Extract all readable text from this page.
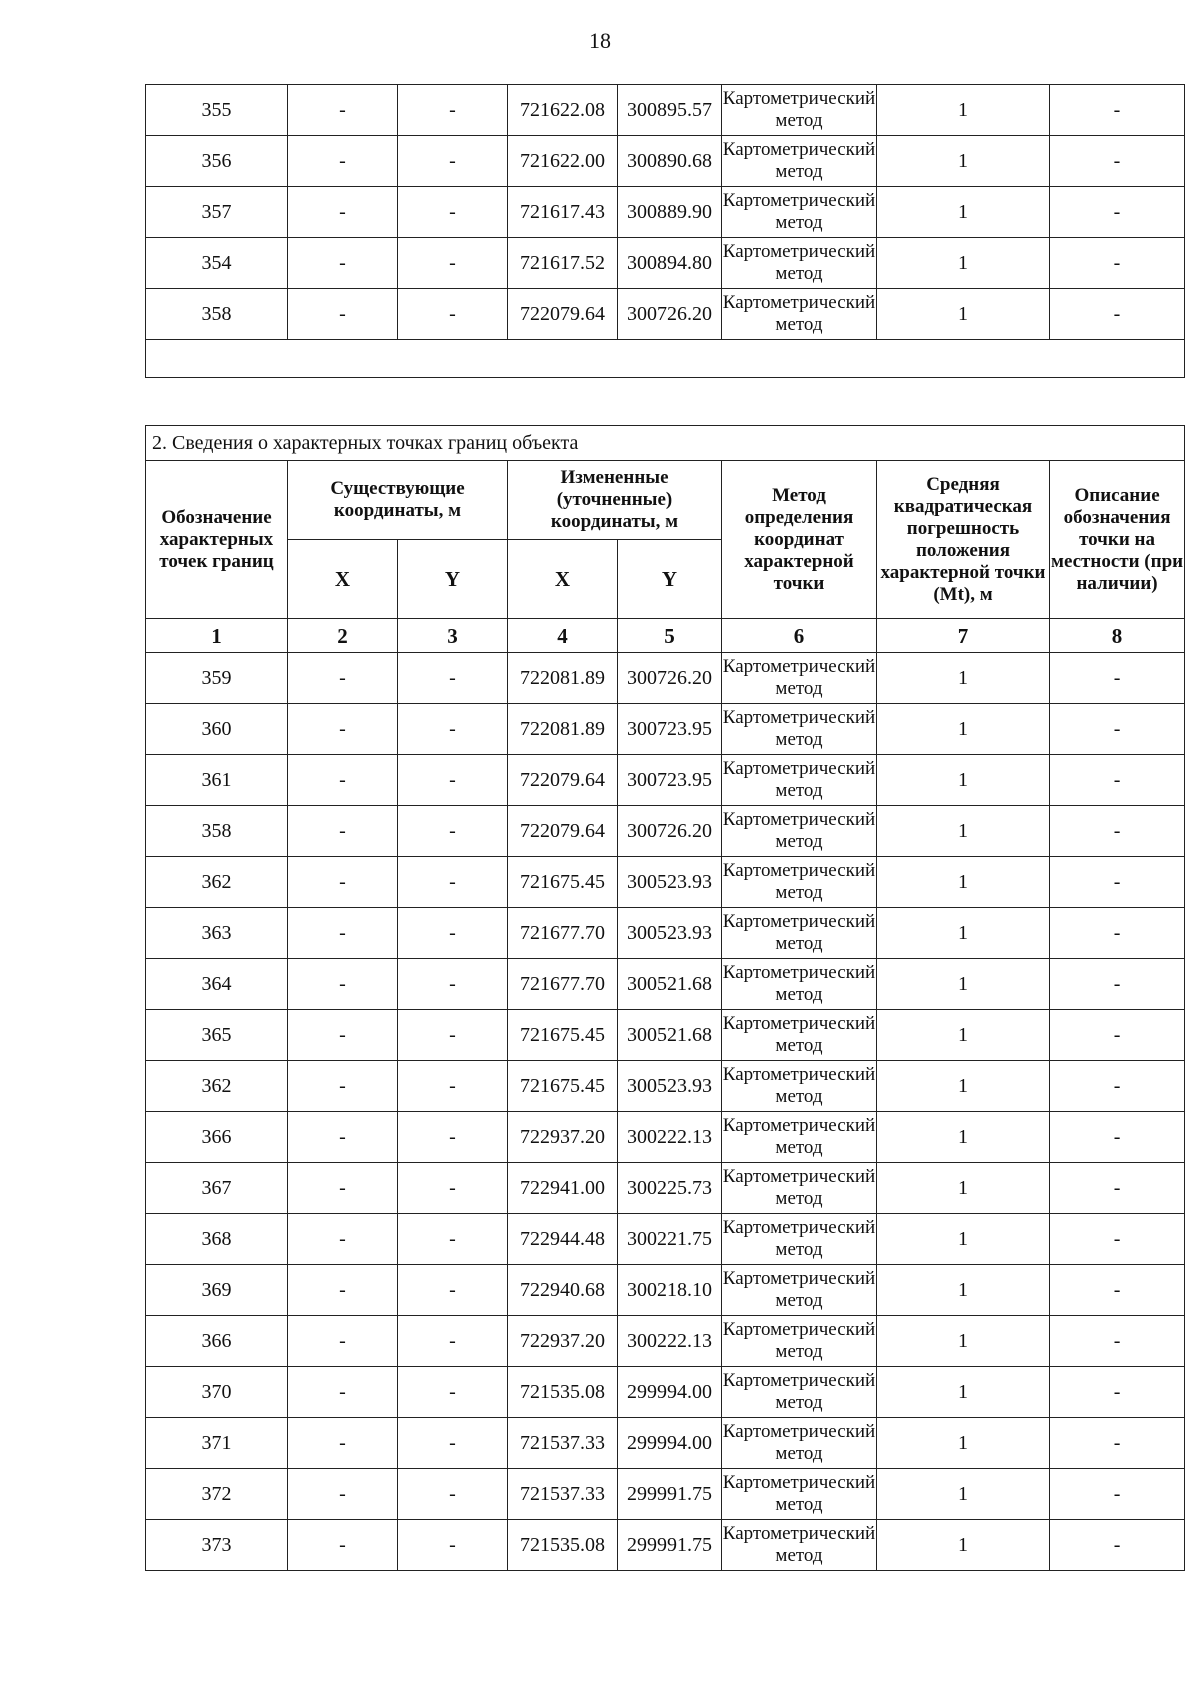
18
355	-	-	721622.08	300895.57	Картометрический метод	1	-
356	-	-	721622.00	300890.68	Картометрический метод	1	-
357	-	-	721617.43	300889.90	Картометрический метод	1	-
354	-	-	721617.52	300894.80	Картометрический метод	1	-
358	-	-	722079.64	300726.20	Картометрический метод	1	-

2. Сведения о характерных точках границ объекта							
Обозначение характерных точек границ	Существующие координаты, м		Измененные (уточненные) координаты, м		Метод определения координат характерной точки	Средняя квадратическая погрешность положения характерной точки (Mt), м	Описание обозначения точки на местности (при наличии)
	X	Y	X	Y			
1	2	3	4	5	6	7	8
359	-	-	722081.89	300726.20	Картометрический метод	1	-
360	-	-	722081.89	300723.95	Картометрический метод	1	-
361	-	-	722079.64	300723.95	Картометрический метод	1	-
358	-	-	722079.64	300726.20	Картометрический метод	1	-
362	-	-	721675.45	300523.93	Картометрический метод	1	-
363	-	-	721677.70	300523.93	Картометрический метод	1	-
364	-	-	721677.70	300521.68	Картометрический метод	1	-
365	-	-	721675.45	300521.68	Картометрический метод	1	-
362	-	-	721675.45	300523.93	Картометрический метод	1	-
366	-	-	722937.20	300222.13	Картометрический метод	1	-
367	-	-	722941.00	300225.73	Картометрический метод	1	-
368	-	-	722944.48	300221.75	Картометрический метод	1	-
369	-	-	722940.68	300218.10	Картометрический метод	1	-
366	-	-	722937.20	300222.13	Картометрический метод	1	-
370	-	-	721535.08	299994.00	Картометрический метод	1	-
371	-	-	721537.33	299994.00	Картометрический метод	1	-
372	-	-	721537.33	299991.75	Картометрический метод	1	-
373	-	-	721535.08	299991.75	Картометрический метод	1	-
